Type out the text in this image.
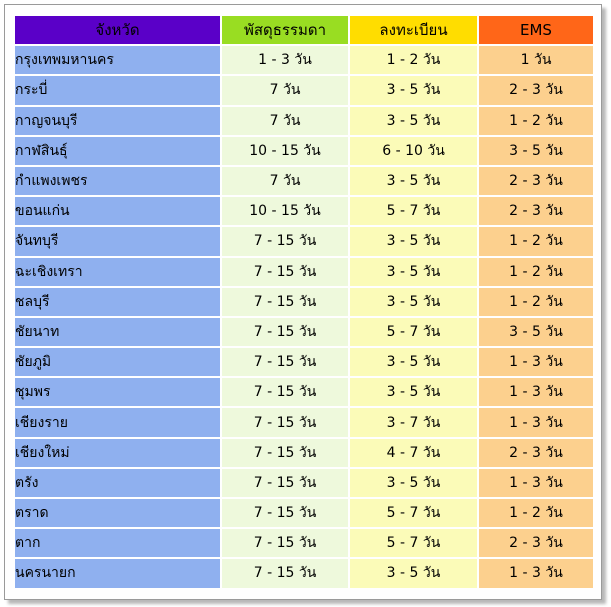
จังหวัด	พัสดุธรรมดา	ลงทะเบียน	EMS
กรุงเทพมหานคร	1 - 3 วัน	1 - 2 วัน	1 วัน
กระบี่	7 วัน	3 - 5 วัน	2 - 3 วัน
กาญจนบุรี	7 วัน	3 - 5 วัน	1 - 2 วัน
กาฬสินธุ์	10 - 15 วัน	6 - 10 วัน	3 - 5 วัน
กำแพงเพชร	7 วัน	3 - 5 วัน	2 - 3 วัน
ขอนแก่น	10 - 15 วัน	5 - 7 วัน	2 - 3 วัน
จันทบุรี	7 - 15 วัน	3 - 5 วัน	1 - 2 วัน
ฉะเชิงเทรา	7 - 15 วัน	3 - 5 วัน	1 - 2 วัน
ชลบุรี	7 - 15 วัน	3 - 5 วัน	1 - 2 วัน
ชัยนาท	7 - 15 วัน	5 - 7 วัน	3 - 5 วัน
ชัยภูมิ	7 - 15 วัน	3 - 5 วัน	1 - 3 วัน
ชุมพร	7 - 15 วัน	3 - 5 วัน	1 - 3 วัน
เชียงราย	7 - 15 วัน	3 - 7 วัน	1 - 3 วัน
เชียงใหม่	7 - 15 วัน	4 - 7 วัน	2 - 3 วัน
ตรัง	7 - 15 วัน	3 - 5 วัน	1 - 3 วัน
ตราด	7 - 15 วัน	5 - 7 วัน	1 - 2 วัน
ตาก	7 - 15 วัน	5 - 7 วัน	2 - 3 วัน
นครนายก	7 - 15 วัน	3 - 5 วัน	1 - 3 วัน
